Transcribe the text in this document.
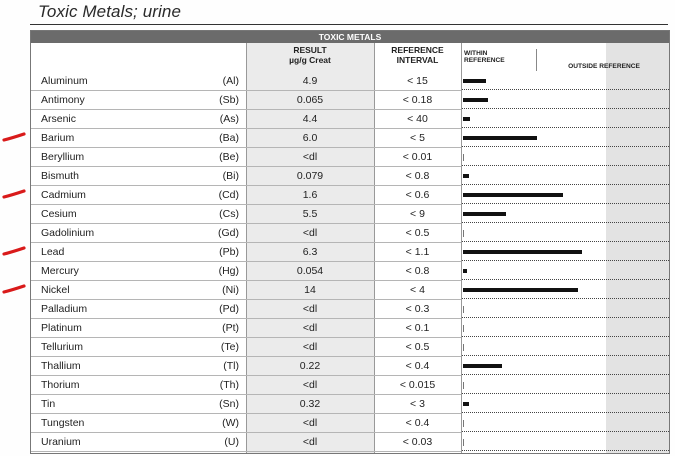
Toxic Metals; urine
TOXIC METALS
RESULT
µg/g Creat
REFERENCE
INTERVAL
WITHIN
REFERENCE
OUTSIDE REFERENCE
Aluminum	(Al)	4.9	< 15
Antimony	(Sb)	0.065	< 0.18
Arsenic	(As)	4.4	< 40
Barium	(Ba)	6.0	< 5
Beryllium	(Be)	<dl	< 0.01
Bismuth	(Bi)	0.079	< 0.8
Cadmium	(Cd)	1.6	< 0.6
Cesium	(Cs)	5.5	< 9
Gadolinium	(Gd)	<dl	< 0.5
Lead	(Pb)	6.3	< 1.1
Mercury	(Hg)	0.054	< 0.8
Nickel	(Ni)	14	< 4
Palladium	(Pd)	<dl	< 0.3
Platinum	(Pt)	<dl	< 0.1
Tellurium	(Te)	<dl	< 0.5
Thallium	(Tl)	0.22	< 0.4
Thorium	(Th)	<dl	< 0.015
Tin	(Sn)	0.32	< 3
Tungsten	(W)	<dl	< 0.4
Uranium	(U)	<dl	< 0.03
